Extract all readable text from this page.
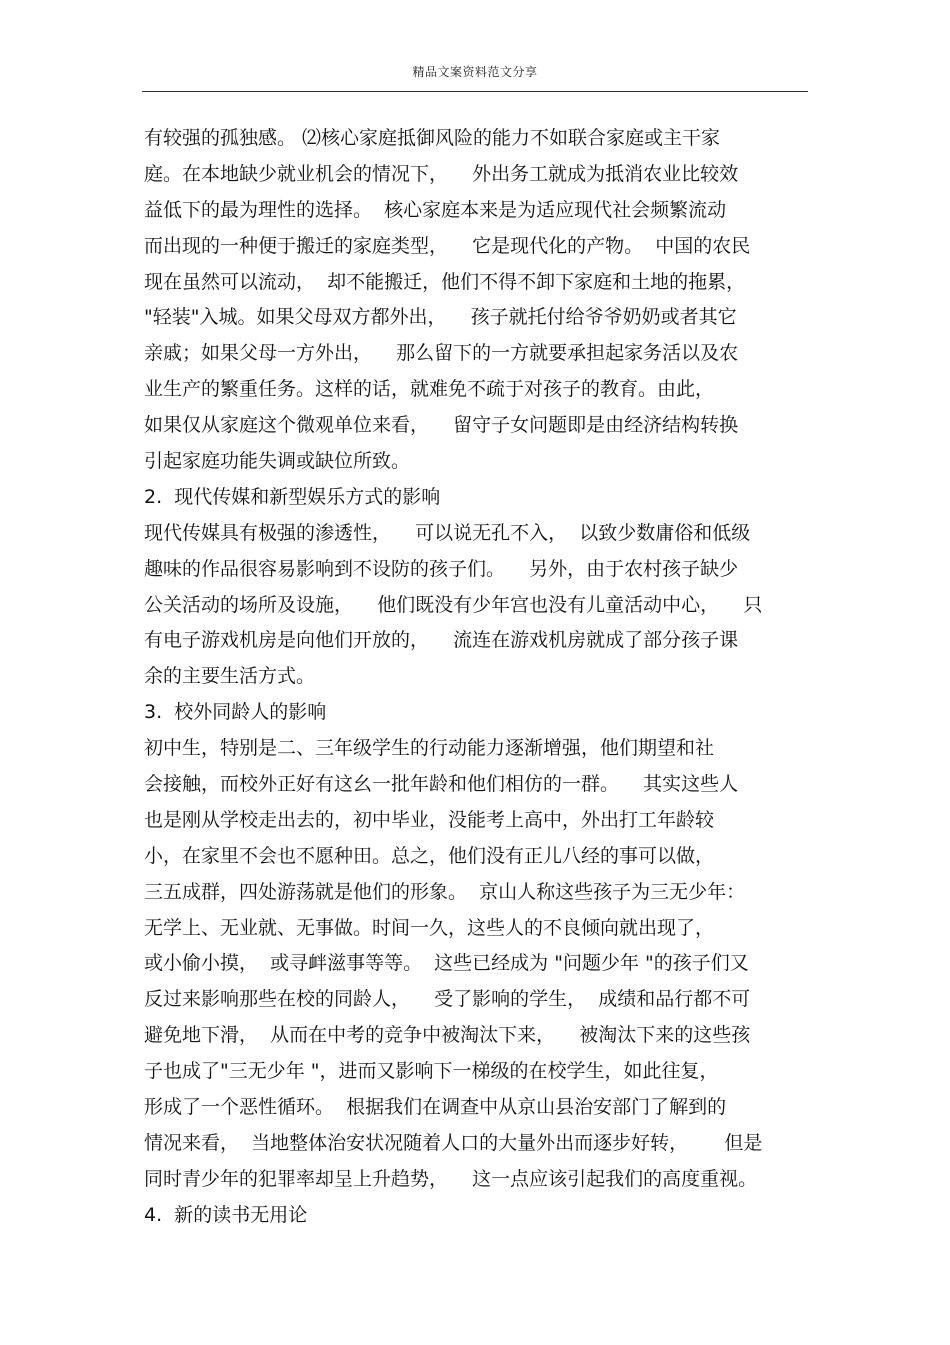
精品文案资料范文分享
有较强的孤独感。 ⑵核心家庭抵御风险的能力不如联合家庭或主干家
庭。在本地缺少就业机会的情况下，    外出务工就成为抵消农业比较效
益低下的最为理性的选择。  核心家庭本来是为适应现代社会频繁流动
而出现的一种便于搬迁的家庭类型，    它是现代化的产物。  中国的农民
现在虽然可以流动，  却不能搬迁，他们不得不卸下家庭和土地的拖累，
"轻装"入城。如果父母双方都外出，    孩子就托付给爷爷奶奶或者其它
亲戚；如果父母一方外出，    那么留下的一方就要承担起家务活以及农
业生产的繁重任务。这样的话，就难免不疏于对孩子的教育。由此，
如果仅从家庭这个微观单位来看，    留守子女问题即是由经济结构转换
引起家庭功能失调或缺位所致。
2.  现代传媒和新型娱乐方式的影响
现代传媒具有极强的渗透性，    可以说无孔不入，  以致少数庸俗和低级
趣味的作品很容易影响到不设防的孩子们。    另外，由于农村孩子缺少
公关活动的场所及设施，    他们既没有少年宫也没有儿童活动中心，    只
有电子游戏机房是向他们开放的，    流连在游戏机房就成了部分孩子课
余的主要生活方式。
3.  校外同龄人的影响
初中生，特别是二、三年级学生的行动能力逐渐增强，他们期望和社
会接触，而校外正好有这幺一批年龄和他们相仿的一群。    其实这些人
也是刚从学校走出去的，初中毕业，没能考上高中，外出打工年龄较
小，在家里不会也不愿种田。总之，他们没有正儿八经的事可以做，
三五成群，四处游荡就是他们的形象。  京山人称这些孩子为三无少年：
无学上、无业就、无事做。时间一久，这些人的不良倾向就出现了，
或小偷小摸，  或寻衅滋事等等。  这些已经成为 "问题少年 "的孩子们又
反过来影响那些在校的同龄人，    受了影响的学生，  成绩和品行都不可
避免地下滑，  从而在中考的竞争中被淘汰下来，    被淘汰下来的这些孩
子也成了"三无少年 "，进而又影响下一梯级的在校学生，如此往复，
形成了一个恶性循环。  根据我们在调查中从京山县治安部门了解到的
情况来看，  当地整体治安状况随着人口的大量外出而逐步好转，      但是
同时青少年的犯罪率却呈上升趋势，    这一点应该引起我们的高度重视。
4.  新的读书无用论
